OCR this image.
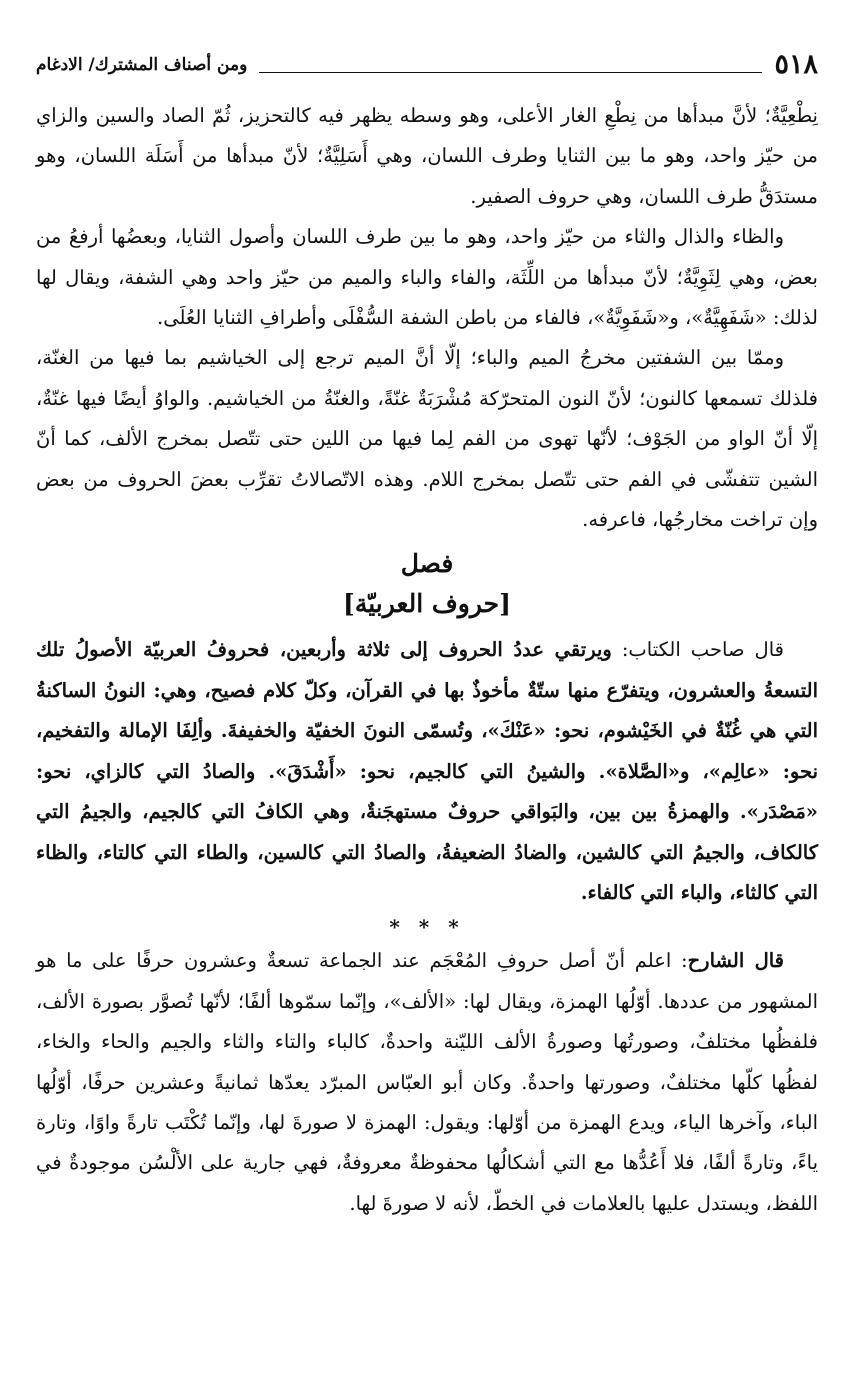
٥١٨
ومن أصناف المشترك/ الادغام

نِطْعِيَّةٌ؛ لأنَّ مبدأها من نِطْعِ الغار الأعلى، وهو وسطه يظهر فيه كالتحزيز، ثُمّ الصاد والسين والزاي من حيّز واحد، وهو ما بين الثنايا وطرف اللسان، وهي أَسَلِيَّةٌ؛ لأنّ مبدأها من أَسَلَة اللسان، وهو مستدَقُّ طرف اللسان، وهي حروف الصفير.

والظاء والذال والثاء من حيّز واحد، وهو ما بين طرف اللسان وأصول الثنايا، وبعضُها أرفعُ من بعض، وهي لِثَوِيَّةٌ؛ لأنّ مبدأها من اللِّثَة، والفاء والباء والميم من حيّز واحد وهي الشفة، ويقال لها لذلك: «شَفَهِيَّةٌ»، و«شَفَوِيَّةٌ»، فالفاء من باطن الشفة السُّفْلَى وأطرافِ الثنايا العُلَى.

وممّا بين الشفتين مخرجُ الميم والباء؛ إلّا أنَّ الميم ترجع إلى الخياشيم بما فيها من الغنّة، فلذلك تسمعها كالنون؛ لأنّ النون المتحرّكة مُشْرَبَةٌ غنّةً، والغنّةُ من الخياشيم. والواوُ أيضًا فيها غنّةٌ، إلّا أنّ الواو من الجَوْف؛ لأنّها تهوى من الفم لِما فيها من اللين حتى تتّصل بمخرج الألف، كما أنّ الشين تتفشّى في الفم حتى تتّصل بمخرج اللام. وهذه الاتّصالاتُ تقرِّب بعضَ الحروف من بعض وإن تراخت مخارجُها، فاعرفه.

فصل
[حروف العربيّة]

قال صاحب الكتاب: ويرتقي عددُ الحروف إلى ثلاثة وأربعين، فحروفُ العربيّة الأصولُ تلك التسعةُ والعشرون، ويتفرّع منها ستّةٌ مأخوذٌ بها في القرآن، وكلّ كلام فصيح، وهي: النونُ الساكنةُ التي هي غُنّةٌ في الخَيْشوم، نحو: «عَنْكَ»، وتُسمّى النونَ الخفيّة والخفيفةَ. وألِفَا الإمالة والتفخيم، نحو: «عالِم»، و«الصَّلاة». والشينُ التي كالجيم، نحو: «أَشْدَقَ». والصادُ التي كالزاي، نحو: «مَصْدَر». والهمزةُ بين بين، والبَواقي حروفٌ مستهجَنةٌ، وهي الكافُ التي كالجيم، والجيمُ التي كالكاف، والجيمُ التي كالشين، والضادُ الضعيفةُ، والصادُ التي كالسين، والطاء التي كالتاء، والظاء التي كالثاء، والباء التي كالفاء.

* * *

قال الشارح: اعلم أنّ أصل حروفِ المُعْجَم عند الجماعة تسعةٌ وعشرون حرفًا على ما هو المشهور من عددها. أوّلُها الهمزة، ويقال لها: «الألف»، وإنّما سمّوها ألفًا؛ لأنّها تُصوَّر بصورة الألف، فلفظُها مختلفٌ، وصورتُها وصورةُ الألف الليّنة واحدةٌ، كالباء والتاء والثاء والجيم والحاء والخاء، لفظُها كلّها مختلفٌ، وصورتها واحدةٌ. وكان أبو العبّاس المبرّد يعدّها ثمانيةً وعشرين حرفًا، أوّلُها الباء، وآخرها الياء، ويدع الهمزة من أوّلها: ويقول: الهمزة لا صورةَ لها، وإنّما تُكْتَب تارةً واوًا، وتارة ياءً، وتارةً ألفًا، فلا أَعُدُّها مع التي أشكالُها محفوظةٌ معروفةٌ، فهي جارية على الألْسُن موجودةٌ في اللفظ، ويستدل عليها بالعلامات في الخطّ، لأنه لا صورةَ لها.
